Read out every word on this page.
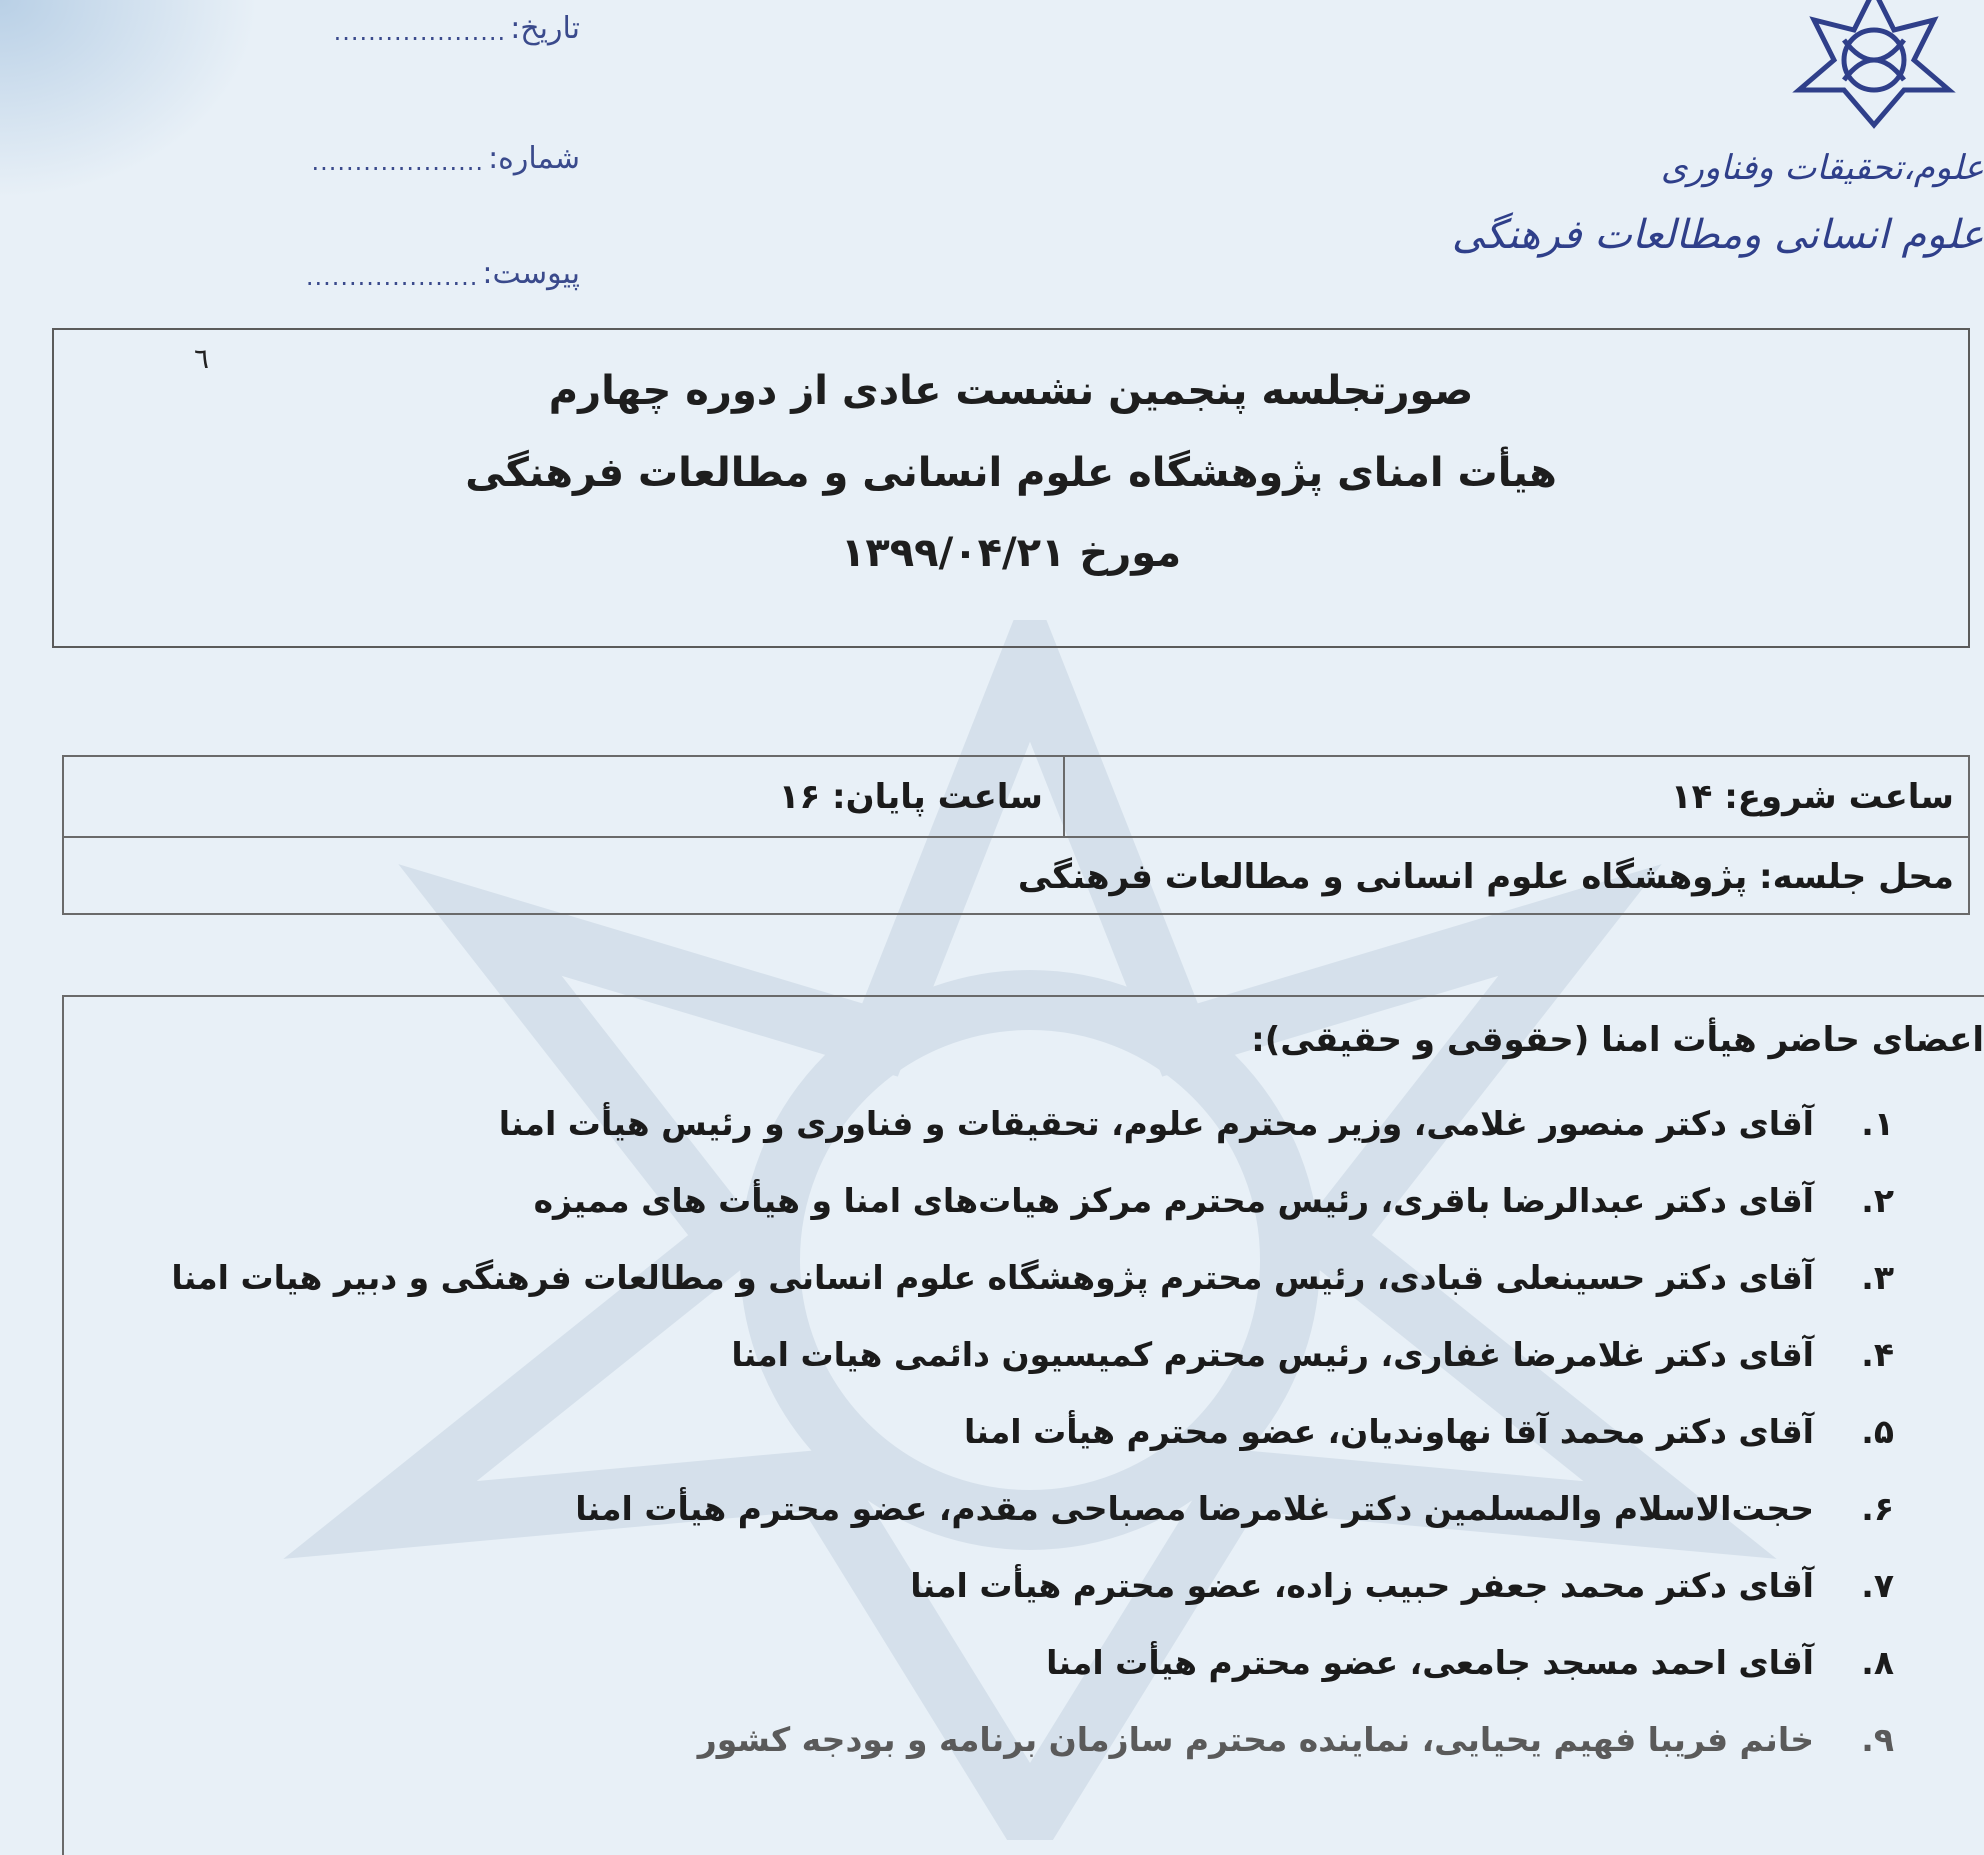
تاریخ:
....................
شماره:
....................
پیوست:
....................
علوم،تحقیقات وفناوری
علوم انسانی ومطالعات فرهنگی
٦
صورتجلسه پنجمین نشست عادی از دوره چهارم
هیأت امنای پژوهشگاه علوم انسانی و مطالعات فرهنگی
مورخ ۱۳۹۹/۰۴/۲۱
ساعت شروع: ۱۴
ساعت پایان: ۱۶
محل جلسه: پژوهشگاه علوم انسانی و مطالعات فرهنگی
اعضای حاضر هیأت امنا (حقوقی و حقیقی):
۱.
آقای دکتر منصور غلامی، وزیر محترم علوم، تحقیقات و فناوری و رئیس هیأت امنا
۲.
آقای دکتر عبدالرضا باقری، رئیس محترم مرکز هیات‌های امنا و هیأت های ممیزه
۳.
آقای دکتر حسینعلی قبادی، رئیس محترم پژوهشگاه علوم انسانی و مطالعات فرهنگی و دبیر هیات امنا
۴.
آقای دکتر غلامرضا غفاری، رئیس محترم کمیسیون دائمی هیات امنا
۵.
آقای دکتر محمد آقا نهاوندیان، عضو محترم هیأت امنا
۶.
حجت‌الاسلام والمسلمین دکتر غلامرضا مصباحی مقدم، عضو محترم هیأت امنا
۷.
آقای دکتر محمد جعفر حبیب زاده، عضو محترم هیأت امنا
۸.
آقای احمد مسجد جامعی، عضو محترم هیأت امنا
۹.
خانم فریبا فهیم یحیایی، نماینده محترم سازمان برنامه و بودجه کشور
